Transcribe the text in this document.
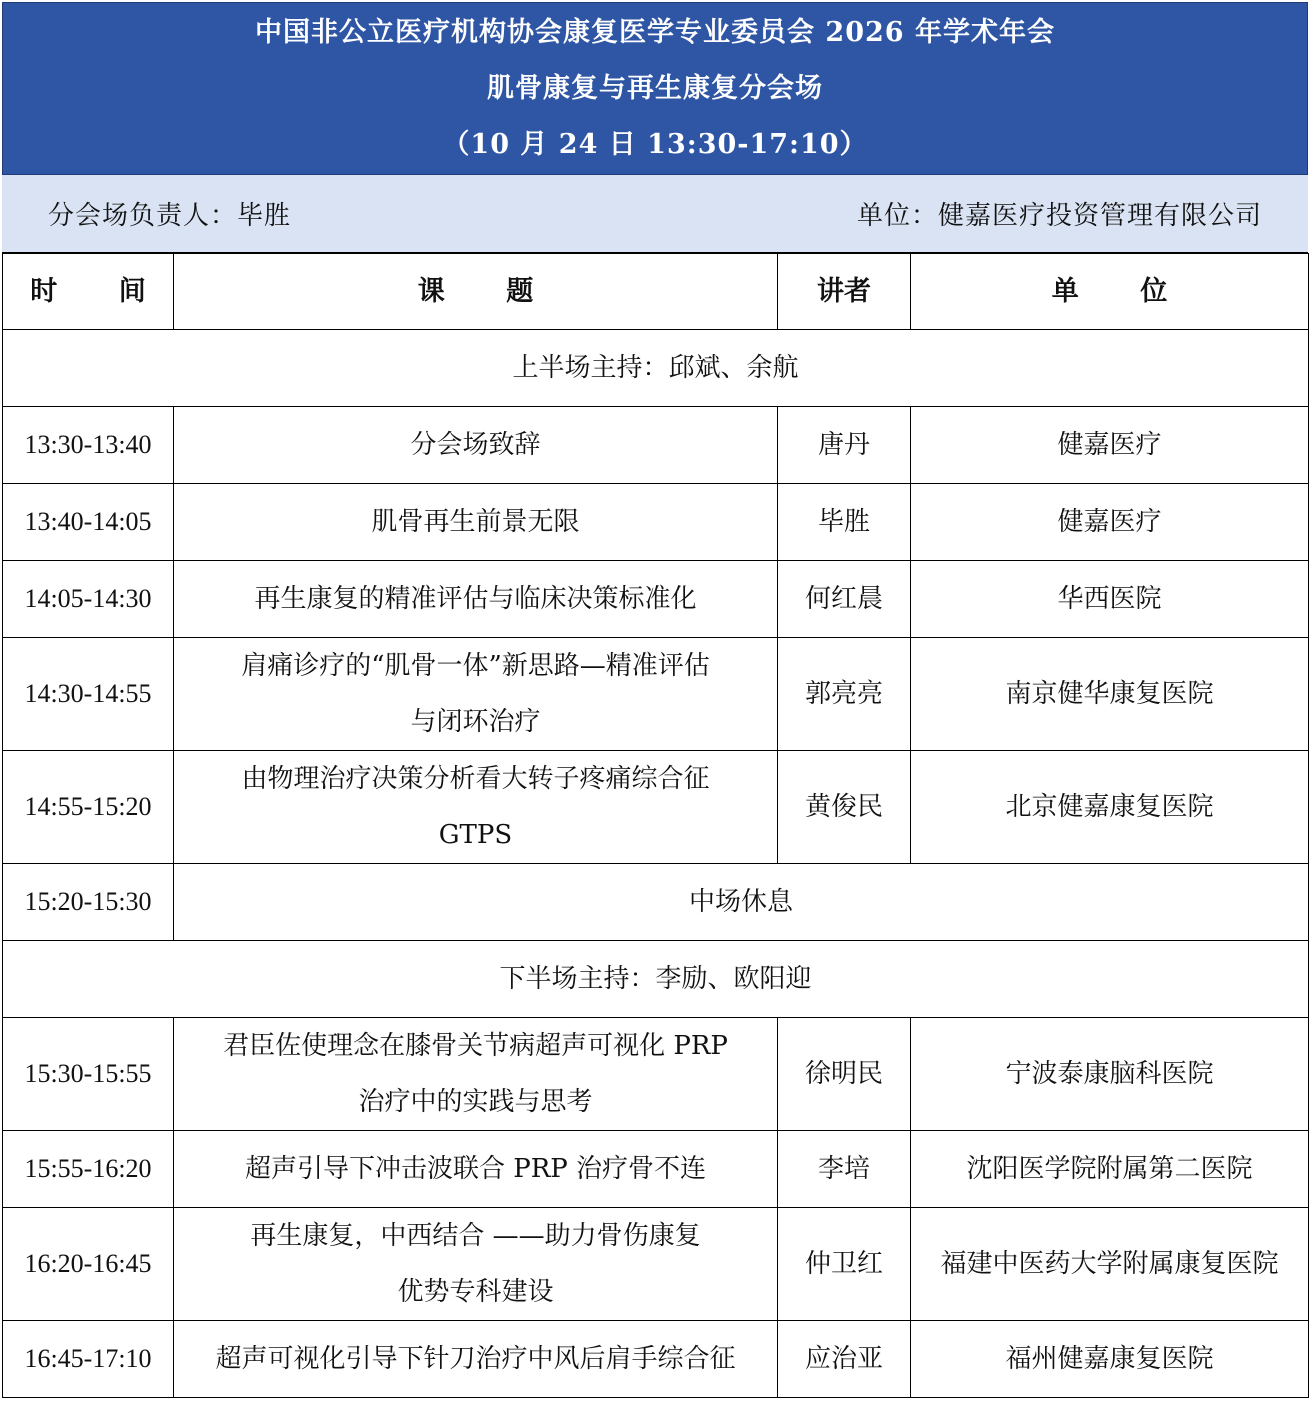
中国非公立医疗机构协会康复医学专业委员会 2026 年学术年会
肌骨康复与再生康复分会场
（10 月 24 日 13:30-17:10）
分会场负责人：毕胜	单位：健嘉医疗投资管理有限公司
时 间	课 题	讲者	单 位
上半场主持：邱斌、余航			
13:30-13:40	分会场致辞	唐丹	健嘉医疗
13:40-14:05	肌骨再生前景无限	毕胜	健嘉医疗
14:05-14:30	再生康复的精准评估与临床决策标准化	何红晨	华西医院
14:30-14:55	肩痛诊疗的“肌骨一体”新思路—精准评估
与闭环治疗	郭亮亮	南京健华康复医院
14:55-15:20	由物理治疗决策分析看大转子疼痛综合征
GTPS	黄俊民	北京健嘉康复医院
15:20-15:30	中场休息		
下半场主持：李励、欧阳迎			
15:30-15:55	君臣佐使理念在膝骨关节病超声可视化 PRP
治疗中的实践与思考	徐明民	宁波泰康脑科医院
15:55-16:20	超声引导下冲击波联合 PRP 治疗骨不连	李培	沈阳医学院附属第二医院
16:20-16:45	再生康复，中西结合 ——助力骨伤康复
优势专科建设	仲卫红	福建中医药大学附属康复医院
16:45-17:10	超声可视化引导下针刀治疗中风后肩手综合征	应治亚	福州健嘉康复医院
